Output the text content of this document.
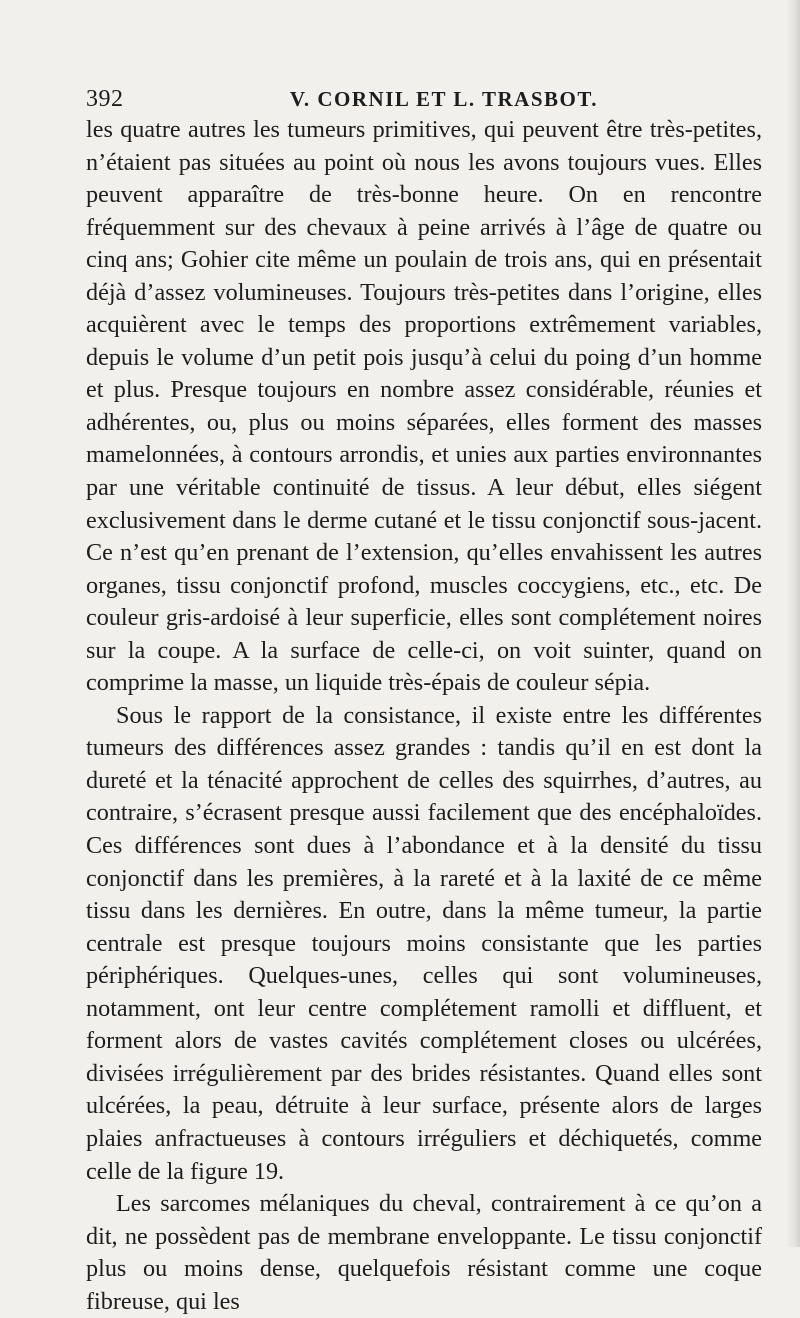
392	V. CORNIL ET L. TRASBOT.

les quatre autres les tumeurs primitives, qui peuvent être très-petites, n’étaient pas situées au point où nous les avons toujours vues. Elles peuvent apparaître de très-bonne heure. On en rencontre fréquemment sur des chevaux à peine arrivés à l’âge de quatre ou cinq ans; Gohier cite même un poulain de trois ans, qui en présentait déjà d’assez volumineuses. Toujours très-petites dans l’origine, elles acquièrent avec le temps des proportions extrêmement variables, depuis le volume d’un petit pois jusqu’à celui du poing d’un homme et plus. Presque toujours en nombre assez considérable, réunies et adhérentes, ou, plus ou moins séparées, elles forment des masses mamelonnées, à contours arrondis, et unies aux parties environnantes par une véritable continuité de tissus. A leur début, elles siégent exclusivement dans le derme cutané et le tissu conjonctif sous-jacent. Ce n’est qu’en prenant de l’extension, qu’elles envahissent les autres organes, tissu conjonctif profond, muscles coccygiens, etc., etc. De couleur gris-ardoisé à leur superficie, elles sont complétement noires sur la coupe. A la surface de celle-ci, on voit suinter, quand on comprime la masse, un liquide très-épais de couleur sépia.

Sous le rapport de la consistance, il existe entre les différentes tumeurs des différences assez grandes : tandis qu’il en est dont la dureté et la ténacité approchent de celles des squirrhes, d’autres, au contraire, s’écrasent presque aussi facilement que des encéphaloïdes. Ces différences sont dues à l’abondance et à la densité du tissu conjonctif dans les premières, à la rareté et à la laxité de ce même tissu dans les dernières. En outre, dans la même tumeur, la partie centrale est presque toujours moins consistante que les parties périphériques. Quelques-unes, celles qui sont volumineuses, notamment, ont leur centre complétement ramolli et diffluent, et forment alors de vastes cavités complétement closes ou ulcérées, divisées irrégulièrement par des brides résistantes. Quand elles sont ulcérées, la peau, détruite à leur surface, présente alors de larges plaies anfractueuses à contours irréguliers et déchiquetés, comme celle de la figure 19.

Les sarcomes mélaniques du cheval, contrairement à ce qu’on a dit, ne possèdent pas de membrane enveloppante. Le tissu conjonctif plus ou moins dense, quelquefois résistant comme une coque fibreuse, qui les
